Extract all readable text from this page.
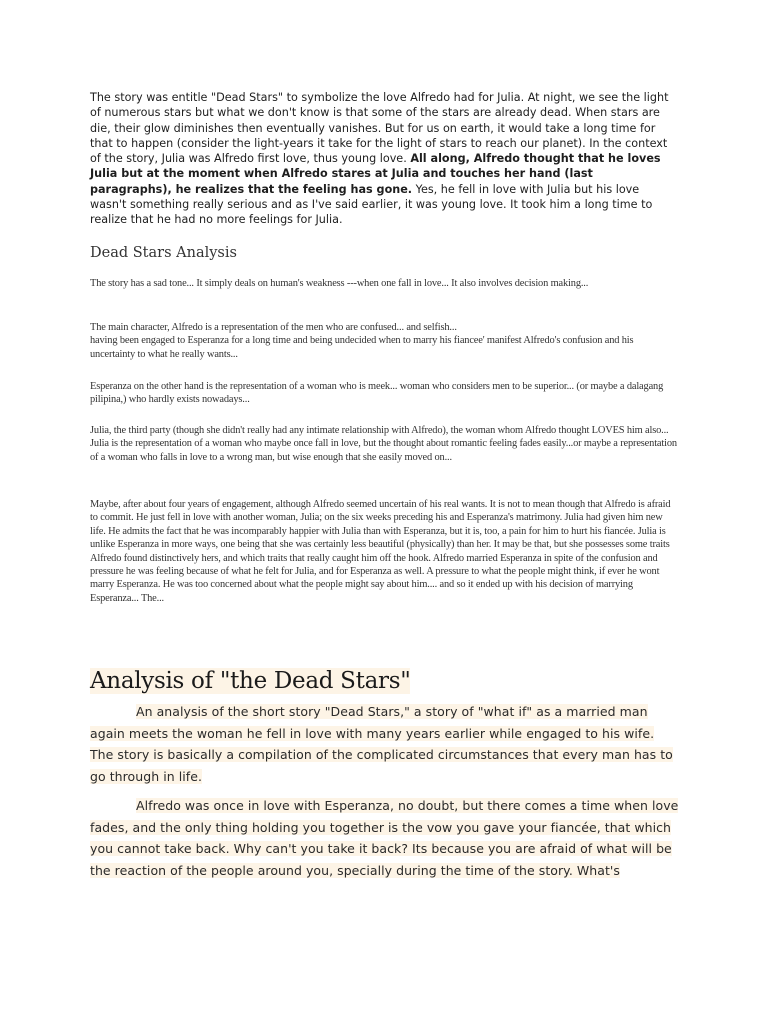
The story was entitle "Dead Stars" to symbolize the love Alfredo had for Julia. At night, we see the light of numerous stars but what we don't know is that some of the stars are already dead. When stars are die, their glow diminishes then eventually vanishes. But for us on earth, it would take a long time for that to happen (consider the light-years it take for the light of stars to reach our planet). In the context of the story, Julia was Alfredo first love, thus young love. All along, Alfredo thought that he loves Julia but at the moment when Alfredo stares at Julia and touches her hand (last paragraphs), he realizes that the feeling has gone. Yes, he fell in love with Julia but his love wasn't something really serious and as I've said earlier, it was young love. It took him a long time to realize that he had no more feelings for Julia.

Dead Stars Analysis

The story has a sad tone... It simply deals on human's weakness ---when one fall in love... It also involves decision making...

The main character, Alfredo is a representation of the men who are confused... and selfish...
having been engaged to Esperanza for a long time and being undecided when to marry his fiancee' manifest Alfredo's confusion and his uncertainty to what he really wants...

Esperanza on the other hand is the representation of a woman who is meek... woman who considers men to be superior... (or maybe a dalagang pilipina,) who hardly exists nowadays...

Julia, the third party (though she didn't really had any intimate relationship with Alfredo), the woman whom Alfredo thought LOVES him also... Julia is the representation of a woman who maybe once fall in love, but the thought about romantic feeling fades easily...or maybe a representation of a woman who falls in love to a wrong man, but wise enough that she easily moved on...

Maybe, after about four years of engagement, although Alfredo seemed uncertain of his real wants. It is not to mean though that Alfredo is afraid to commit. He just fell in love with another woman, Julia; on the six weeks preceding his and Esperanza's matrimony. Julia had given him new life. He admits the fact that he was incomparably happier with Julia than with Esperanza, but it is, too, a pain for him to hurt his fiancée. Julia is unlike Esperanza in more ways, one being that she was certainly less beautiful (physically) than her. It may be that, but she possesses some traits Alfredo found distinctively hers, and which traits that really caught him off the hook. Alfredo married Esperanza in spite of the confusion and pressure he was feeling because of what he felt for Julia, and for Esperanza as well. A pressure to what the people might think, if ever he wont marry Esperanza. He was too concerned about what the people might say about him.... and so it ended up with his decision of marrying Esperanza... The...

Analysis of "the Dead Stars"

An analysis of the short story "Dead Stars," a story of "what if" as a married man again meets the woman he fell in love with many years earlier while engaged to his wife. The story is basically a compilation of the complicated circumstances that every man has to go through in life.

Alfredo was once in love with Esperanza, no doubt, but there comes a time when love fades, and the only thing holding you together is the vow you gave your fiancée, that which you cannot take back. Why can't you take it back? Its because you are afraid of what will be the reaction of the people around you, specially during the time of the story. What's
